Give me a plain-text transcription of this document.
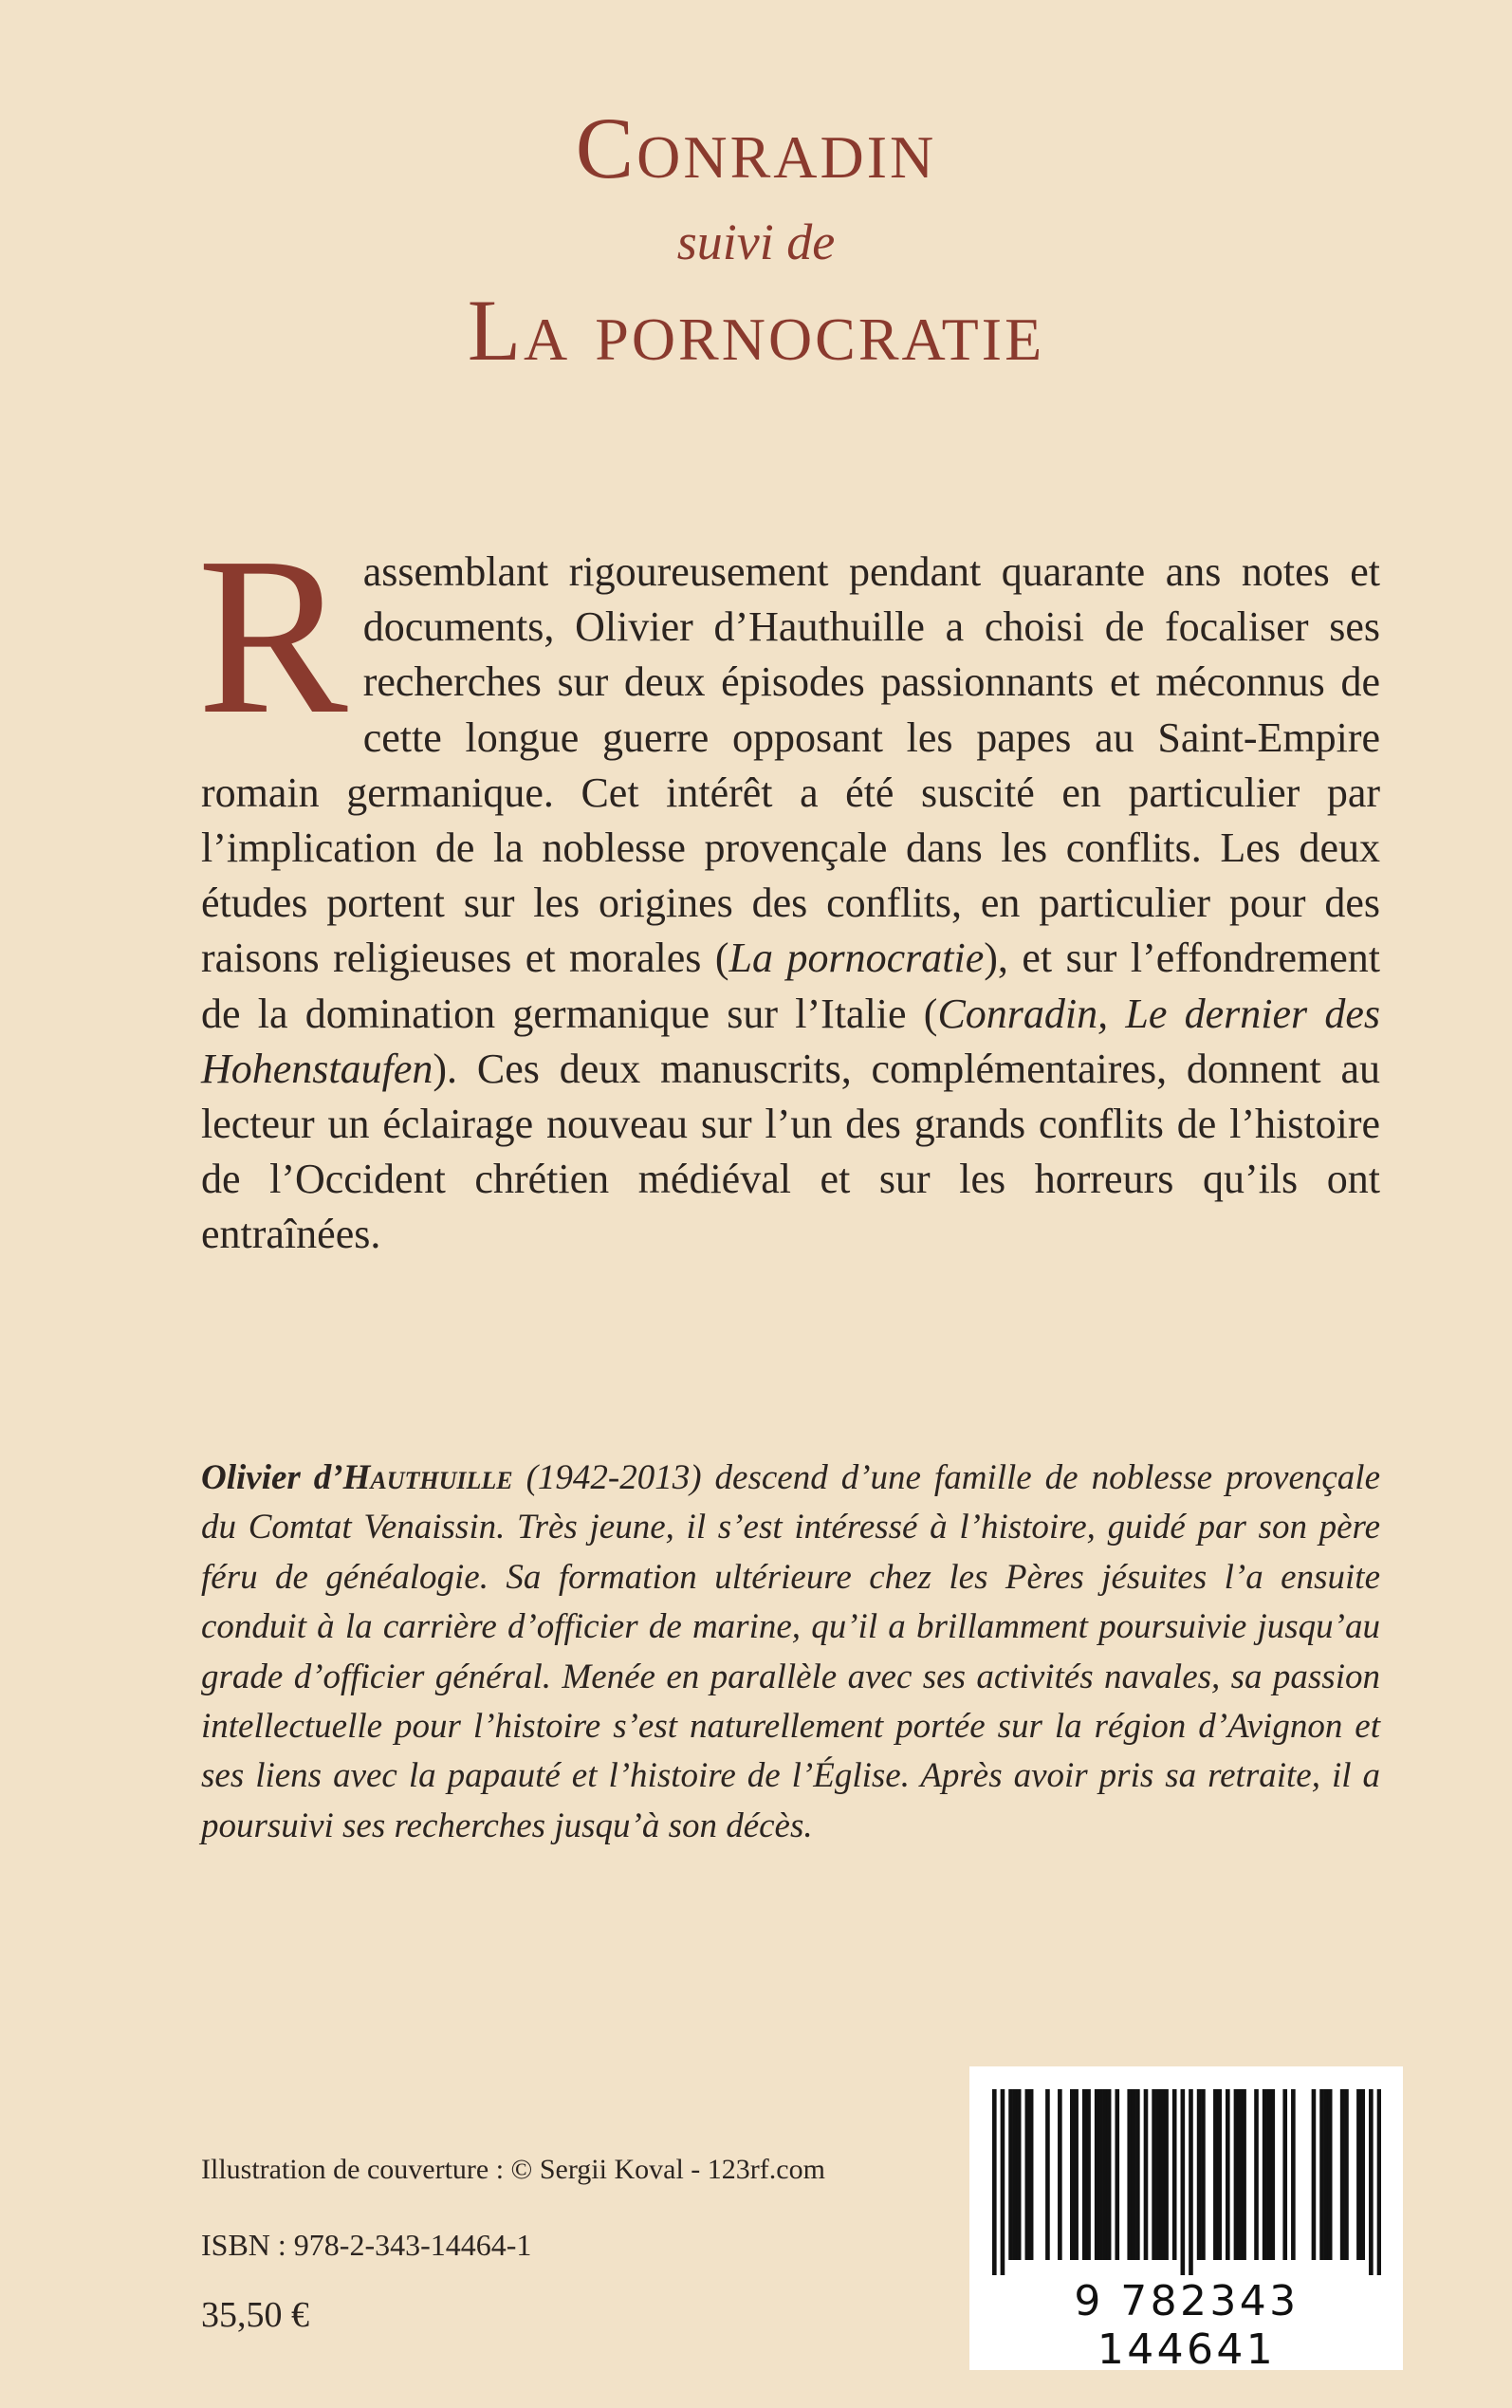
Conradin
suivi de
La pornocratie
Rassemblant rigoureusement pendant quarante ans notes et documents, Olivier d’Hauthuille a choisi de focaliser ses recherches sur deux épisodes passionnants et méconnus de cette longue guerre opposant les papes au Saint-Empire romain germanique. Cet intérêt a été suscité en particulier par l’implication de la noblesse provençale dans les conflits. Les deux études portent sur les origines des conflits, en particulier pour des raisons religieuses et morales (La pornocratie), et sur l’effondrement de la domination germanique sur l’Italie (Conradin, Le dernier des Hohenstaufen). Ces deux manuscrits, complémentaires, donnent au lecteur un éclairage nouveau sur l’un des grands conflits de l’histoire de l’Occident chrétien médiéval et sur les horreurs qu’ils ont entraînées.
Olivier d’Hauthuille (1942-2013) descend d’une famille de noblesse provençale du Comtat Venaissin. Très jeune, il s’est intéressé à l’histoire, guidé par son père féru de généalogie. Sa formation ultérieure chez les Pères jésuites l’a ensuite conduit à la carrière d’officier de marine, qu’il a brillamment poursuivie jusqu’au grade d’officier général. Menée en parallèle avec ses activités navales, sa passion intellectuelle pour l’histoire s’est naturellement portée sur la région d’Avignon et ses liens avec la papauté et l’histoire de l’Église. Après avoir pris sa retraite, il a poursuivi ses recherches jusqu’à son décès.
Illustration de couverture : © Sergii Koval - 123rf.com
ISBN : 978-2-343-14464-1
35,50 €	9 782343 144641
